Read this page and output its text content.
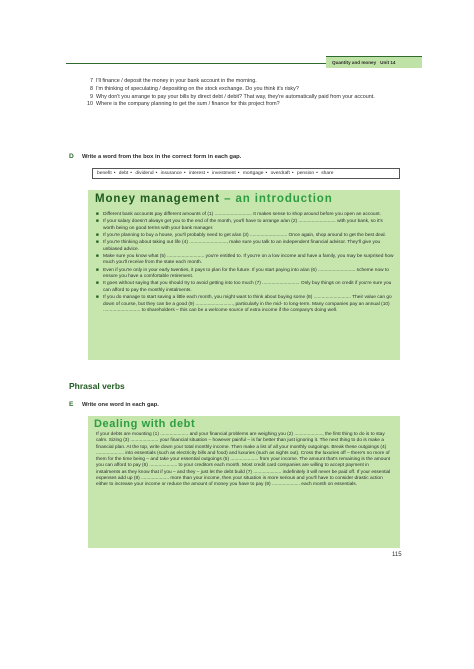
Quantity and money Unit 14
7 I'll finance / deposit the money in your bank account in the morning.
8 I'm thinking of speculating / depositing on the stock exchange. Do you think it's risky?
9 Why don't you arrange to pay your bills by direct debt / debit? That way, they're automatically paid from your account.
10 Where is the company planning to get the sum / finance for this project from?
D Write a word from the box in the correct form in each gap.
benefit • debt • dividend • insurance • interest • investment • mortgage • overdraft • pension • share
Money management – an introduction
■ Different bank accounts pay different amounts of (1) ............................ It makes sense to shop around before you open an account.
■ If your salary doesn't always get you to the end of the month, you'll have to arrange a/an (2) ............................ with your bank, so it's worth being on good terms with your bank manager.
■ If you're planning to buy a house, you'll probably need to get a/an (3) ............................ Once again, shop around to get the best deal.
■ If you're thinking about taking out life (4) ............................, make sure you talk to an independent financial advisor. They'll give you unbiased advice.
■ Make sure you know what (5) ............................ you're entitled to. If you're on a low income and have a family, you may be surprised how much you'll receive from the state each month.
■ Even if you're only in your early twenties, it pays to plan for the future. If you start paying into a/an (6) ............................ scheme now to ensure you have a comfortable retirement.
■ It goes without saying that you should try to avoid getting into too much (7) ............................ Only buy things on credit if you're sure you can afford to pay the monthly instalments.
■ If you do manage to start saving a little each month, you might want to think about buying some (8) ............................ Their value can go down of course, but they can be a good (9) ............................, particularly in the mid- to long-term. Many companies pay an annual (10) ............................ to shareholders – this can be a welcome source of extra income if the company's doing well.
Phrasal verbs
E Write one word in each gap.
Dealing with debt
If your debts are mounting (1) ..................... and your financial problems are weighing you (2) ....................., the first thing to do is to stay calm. Sizing (3) ..................... your financial situation – however painful – is far better than just ignoring it. The next thing to do is make a financial plan. At the top, write down your total monthly income. Then make a list of all your monthly outgoings. Break these outgoings (4) ..................... into essentials (such as electricity bills and food) and luxuries (such as nights out). Cross the luxuries off – there's no more of them for the time being – and take your essential outgoings (5) ..................... from your income. The amount that's remaining is the amount you can afford to pay (6) ..................... to your creditors each month. Most credit card companies are willing to accept payment in instalments as they know that if you – and they – just let the debt build (7) ..................... indefinitely it will never be paid off. If your essential expenses add up (8) ..................... more than your income, then your situation is more serious and you'll have to consider drastic action either to increase your income or reduce the amount of money you have to pay (9) ..................... each month on essentials.
115
